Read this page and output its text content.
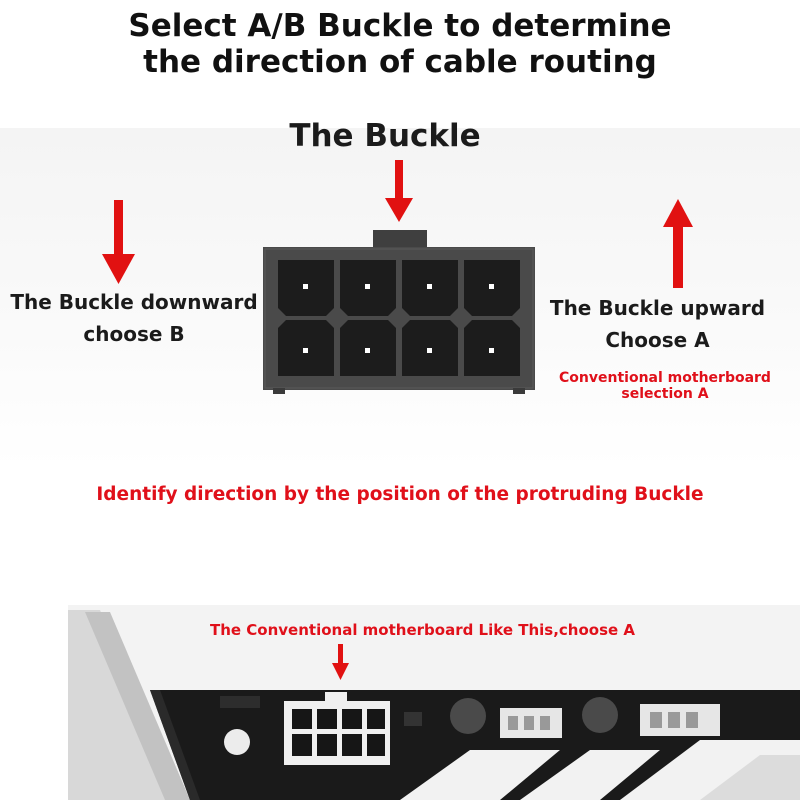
Select A/B Buckle to determine
the direction of cable routing
The Buckle
The Buckle downward
choose B
The Buckle upward
Choose A
Conventional motherboard
selection A
Identify direction by the position of the protruding Buckle
The Conventional motherboard Like This,choose A
